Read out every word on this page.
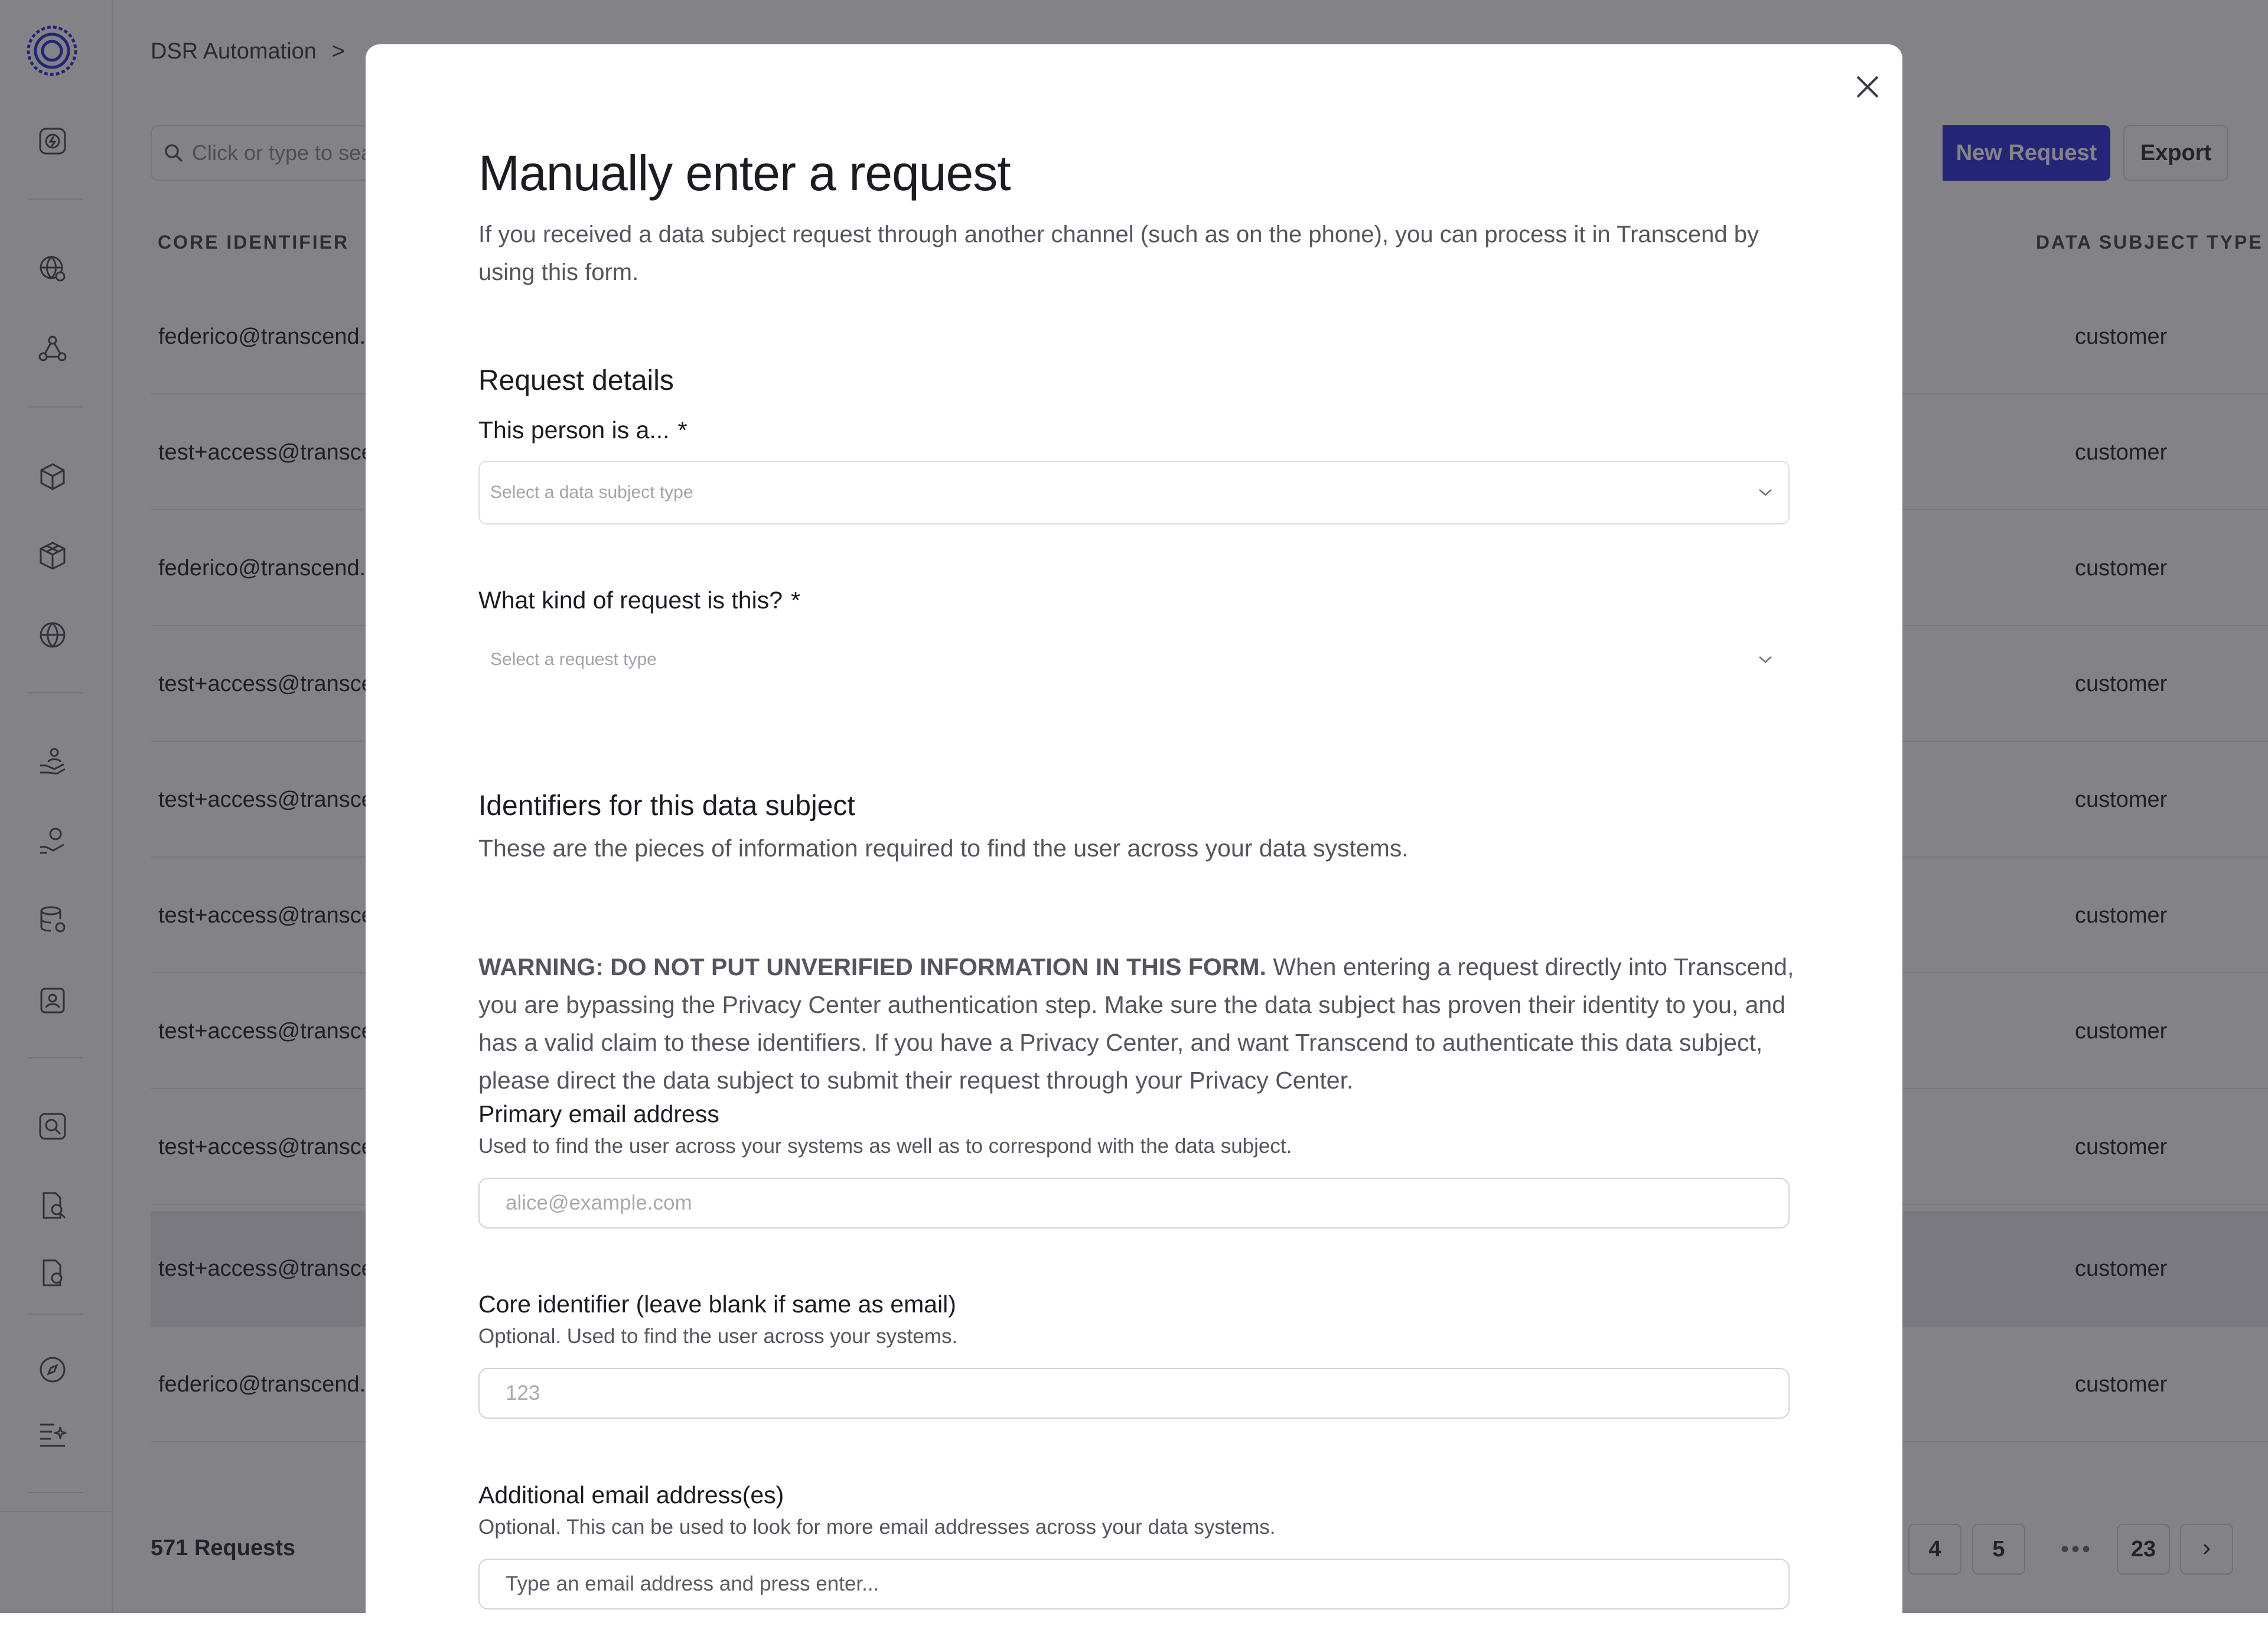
Manually enter a request
If you received a data subject request through another channel (such as on the phone), you can process it in Transcend by using this form.
Request details
This person is a... *
Select a data subject type
What kind of request is this? *
Select a request type
Identifiers for this data subject
These are the pieces of information required to find the user across your data systems.
WARNING: DO NOT PUT UNVERIFIED INFORMATION IN THIS FORM. When entering a request directly into Transcend, you are bypassing the Privacy Center authentication step. Make sure the data subject has proven their identity to you, and has a valid claim to these identifiers. If you have a Privacy Center, and want Transcend to authenticate this data subject, please direct the data subject to submit their request through your Privacy Center.
Primary email address
Used to find the user across your systems as well as to correspond with the data subject.
alice@example.com
Core identifier (leave blank if same as email)
Optional. Used to find the user across your systems.
123
Additional email address(es)
Optional. This can be used to look for more email addresses across your data systems.
Type an email address and press enter...
